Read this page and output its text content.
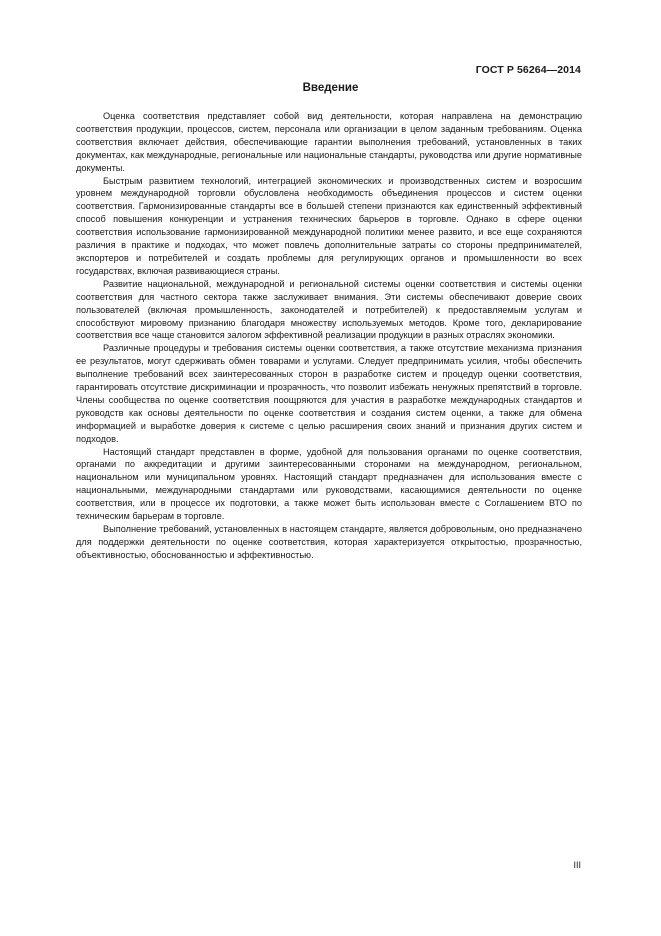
ГОСТ Р 56264—2014
Введение

Оценка соответствия представляет собой вид деятельности, которая направлена на демонстрацию соответствия продукции, процессов, систем, персонала или организации в целом заданным требованиям. Оценка соответствия включает действия, обеспечивающие гарантии выполнения требований, установленных в таких документах, как международные, региональные или национальные стандарты, руководства или другие нормативные документы.

Быстрым развитием технологий, интеграцией экономических и производственных систем и возросшим уровнем международной торговли обусловлена необходимость объединения процессов и систем оценки соответствия. Гармонизированные стандарты все в большей степени признаются как единственный эффективный способ повышения конкуренции и устранения технических барьеров в торговле. Однако в сфере оценки соответствия использование гармонизированной международной политики менее развито, и все еще сохраняются различия в практике и подходах, что может повлечь дополнительные затраты со стороны предпринимателей, экспортеров и потребителей и создать проблемы для регулирующих органов и промышленности во всех государствах, включая развивающиеся страны.

Развитие национальной, международной и региональной системы оценки соответствия и системы оценки соответствия для частного сектора также заслуживает внимания. Эти системы обеспечивают доверие своих пользователей (включая промышленность, законодателей и потребителей) к предоставляемым услугам и способствуют мировому признанию благодаря множеству используемых методов. Кроме того, декларирование соответствия все чаще становится залогом эффективной реализации продукции в разных отраслях экономики.

Различные процедуры и требования системы оценки соответствия, а также отсутствие механизма признания ее результатов, могут сдерживать обмен товарами и услугами. Следует предпринимать усилия, чтобы обеспечить выполнение требований всех заинтересованных сторон в разработке систем и процедур оценки соответствия, гарантировать отсутствие дискриминации и прозрачность, что позволит избежать ненужных препятствий в торговле. Члены сообщества по оценке соответствия поощряются для участия в разработке международных стандартов и руководств как основы деятельности по оценке соответствия и создания систем оценки, а также для обмена информацией и выработке доверия к системе с целью расширения своих знаний и признания других систем и подходов.

Настоящий стандарт представлен в форме, удобной для пользования органами по оценке соответствия, органами по аккредитации и другими заинтересованными сторонами на международном, региональном, национальном или муниципальном уровнях. Настоящий стандарт предназначен для использования вместе с национальными, международными стандартами или руководствами, касающимися деятельности по оценке соответствия, или в процессе их подготовки, а также может быть использован вместе с Соглашением ВТО по техническим барьерам в торговле.

Выполнение требований, установленных в настоящем стандарте, является добровольным, оно предназначено для поддержки деятельности по оценке соответствия, которая характеризуется открытостью, прозрачностью, объективностью, обоснованностью и эффективностью.

III
